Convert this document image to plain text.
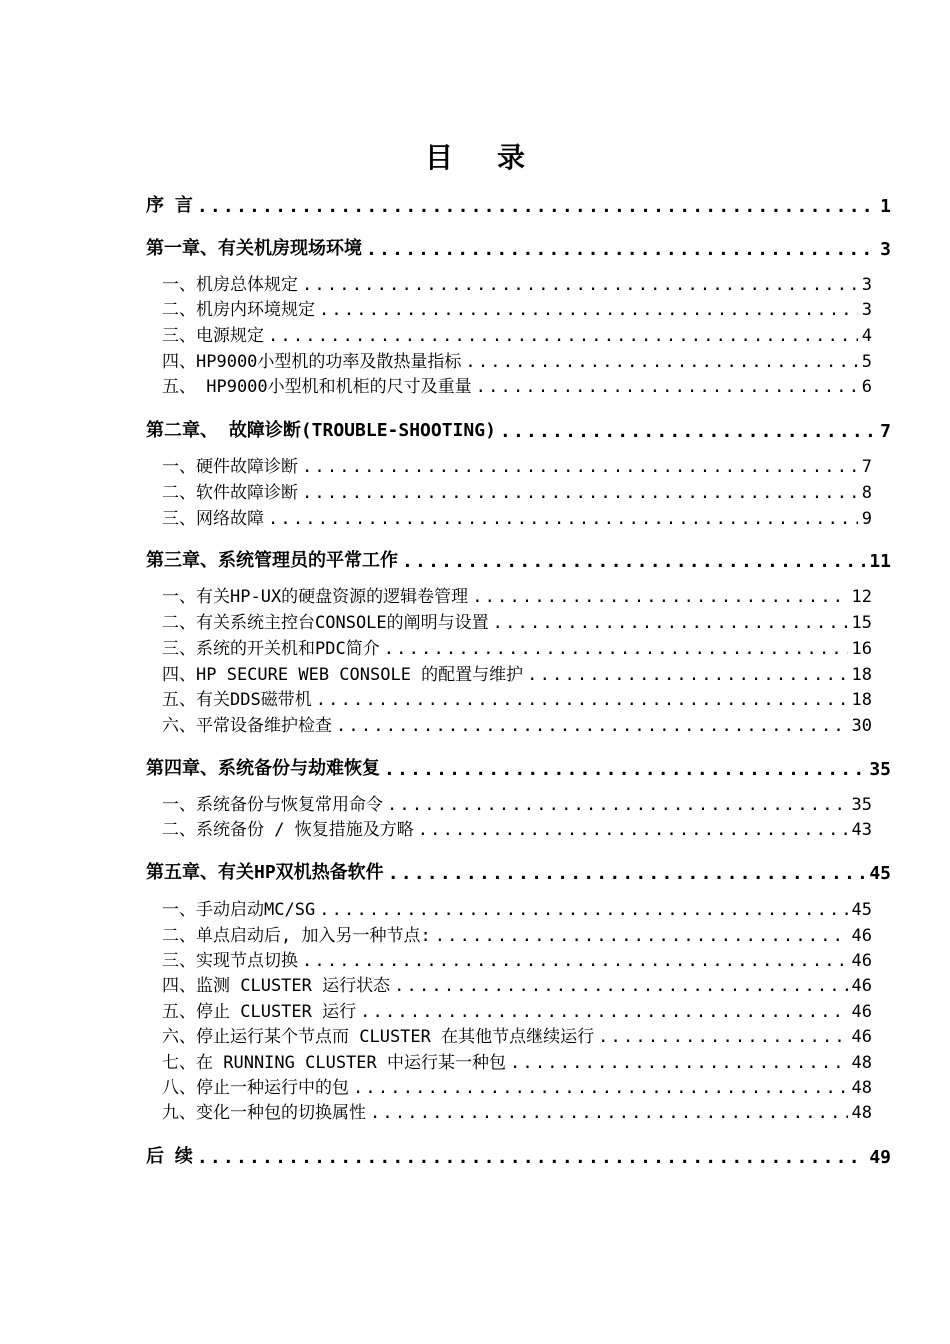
目 录
序 言 .....	1
第一章、有关机房现场环境 .....	3
一、机房总体规定 .....	3
二、机房内环境规定 .....	3
三、电源规定 .....	4
四、HP9000小型机的功率及散热量指标 .....	5
五、 HP9000小型机和机柜的尺寸及重量 .....	6
第二章、 故障诊断(TROUBLE-SHOOTING) .....	7
一、硬件故障诊断 .....	7
二、软件故障诊断 .....	8
三、网络故障 .....	9
第三章、系统管理员的平常工作 .....	11
一、有关HP-UX的硬盘资源的逻辑卷管理 .....	12
二、有关系统主控台CONSOLE的阐明与设置 .....	15
三、系统的开关机和PDC简介 .....	16
四、HP SECURE WEB CONSOLE 的配置与维护 .....	18
五、有关DDS磁带机 .....	18
六、平常设备维护检查 .....	30
第四章、系统备份与劫难恢复 .....	35
一、系统备份与恢复常用命令 .....	35
二、系统备份 / 恢复措施及方略 .....	43
第五章、有关HP双机热备软件 .....	45
一、手动启动MC/SG .....	45
二、单点启动后, 加入另一种节点: .....	46
三、实现节点切换 .....	46
四、监测 CLUSTER 运行状态 .....	46
五、停止 CLUSTER 运行 .....	46
六、停止运行某个节点而 CLUSTER 在其他节点继续运行 .....	46
七、在 RUNNING CLUSTER 中运行某一种包 .....	48
八、停止一种运行中的包 .....	48
九、变化一种包的切换属性 .....	48
后 续 .....	49
